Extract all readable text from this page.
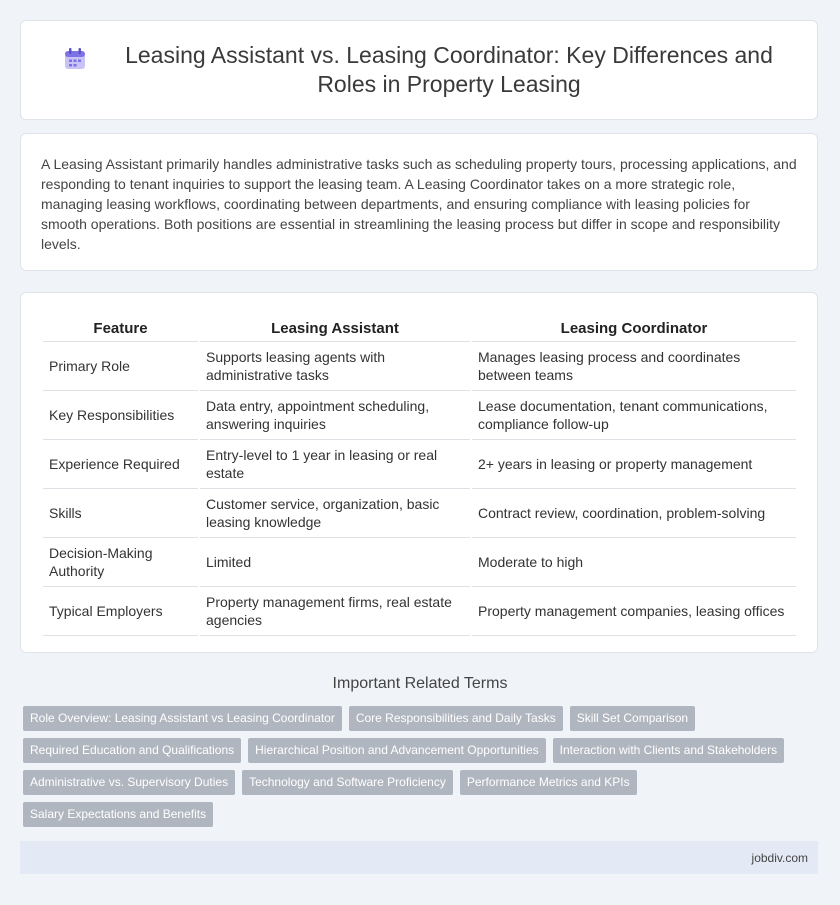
Leasing Assistant vs. Leasing Coordinator: Key Differences and Roles in Property Leasing

A Leasing Assistant primarily handles administrative tasks such as scheduling property tours, processing applications, and responding to tenant inquiries to support the leasing team. A Leasing Coordinator takes on a more strategic role, managing leasing workflows, coordinating between departments, and ensuring compliance with leasing policies for smooth operations. Both positions are essential in streamlining the leasing process but differ in scope and responsibility levels.

Feature	Leasing Assistant	Leasing Coordinator
Primary Role	Supports leasing agents with administrative tasks	Manages leasing process and coordinates between teams
Key Responsibilities	Data entry, appointment scheduling, answering inquiries	Lease documentation, tenant communications, compliance follow-up
Experience Required	Entry-level to 1 year in leasing or real estate	2+ years in leasing or property management
Skills	Customer service, organization, basic leasing knowledge	Contract review, coordination, problem-solving
Decision-Making Authority	Limited	Moderate to high
Typical Employers	Property management firms, real estate agencies	Property management companies, leasing offices
Important Related Terms
Role Overview: Leasing Assistant vs Leasing Coordinator	Core Responsibilities and Daily Tasks	Skill Set Comparison
Required Education and Qualifications	Hierarchical Position and Advancement Opportunities	Interaction with Clients and Stakeholders
Administrative vs. Supervisory Duties	Technology and Software Proficiency	Performance Metrics and KPIs
Salary Expectations and Benefits
jobdiv.com
